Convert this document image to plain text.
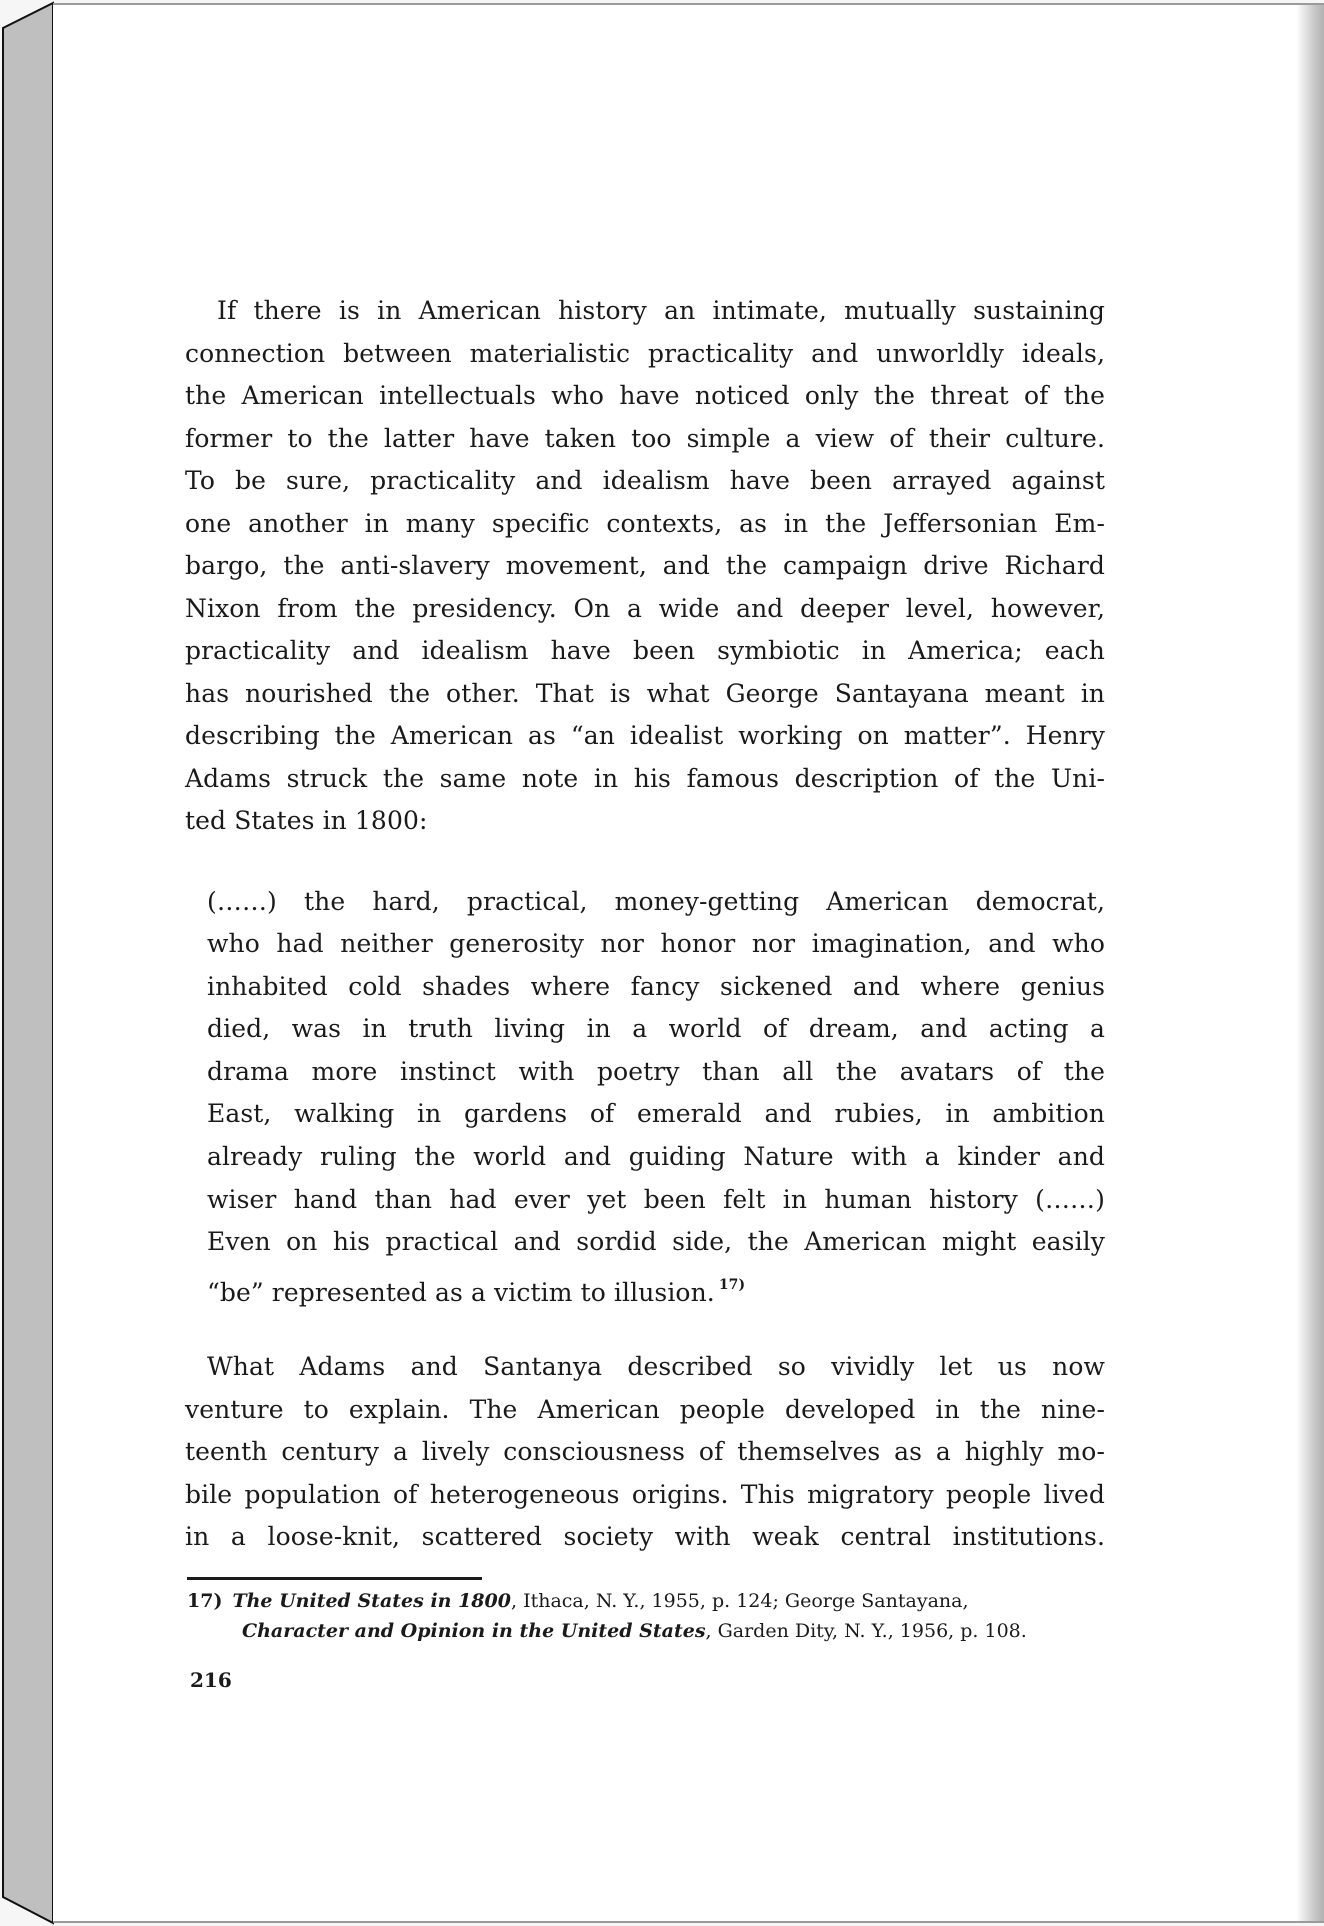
If there is in American history an intimate, mutually sustaining
connection between materialistic practicality and unworldly ideals,
the American intellectuals who have noticed only the threat of the
former to the latter have taken too simple a view of their culture.
To be sure, practicality and idealism have been arrayed against
one another in many specific contexts, as in the Jeffersonian Em-
bargo, the anti-slavery movement, and the campaign drive Richard
Nixon from the presidency. On a wide and deeper level, however,
practicality and idealism have been symbiotic in America; each
has nourished the other. That is what George Santayana meant in
describing the American as “an idealist working on matter”. Henry
Adams struck the same note in his famous description of the Uni-
ted States in 1800:
(……) the hard, practical, money-getting American democrat,
who had neither generosity nor honor nor imagination, and who
inhabited cold shades where fancy sickened and where genius
died, was in truth living in a world of dream, and acting a
drama more instinct with poetry than all the avatars of the
East, walking in gardens of emerald and rubies, in ambition
already ruling the world and guiding Nature with a kinder and
wiser hand than had ever yet been felt in human history (……)
Even on his practical and sordid side, the American might easily
“be” represented as a victim to illusion. $^{17)}$
What Adams and Santanya described so vividly let us now
venture to explain. The American people developed in the nine-
teenth century a lively consciousness of themselves as a highly mo-
bile population of heterogeneous origins. This migratory people lived
in a loose-knit, scattered society with weak central institutions.
17) The United States in 1800, Ithaca, N. Y., 1955, p. 124; George Santayana,
Character and Opinion in the United States, Garden Dity, N. Y., 1956, p. 108.
216
